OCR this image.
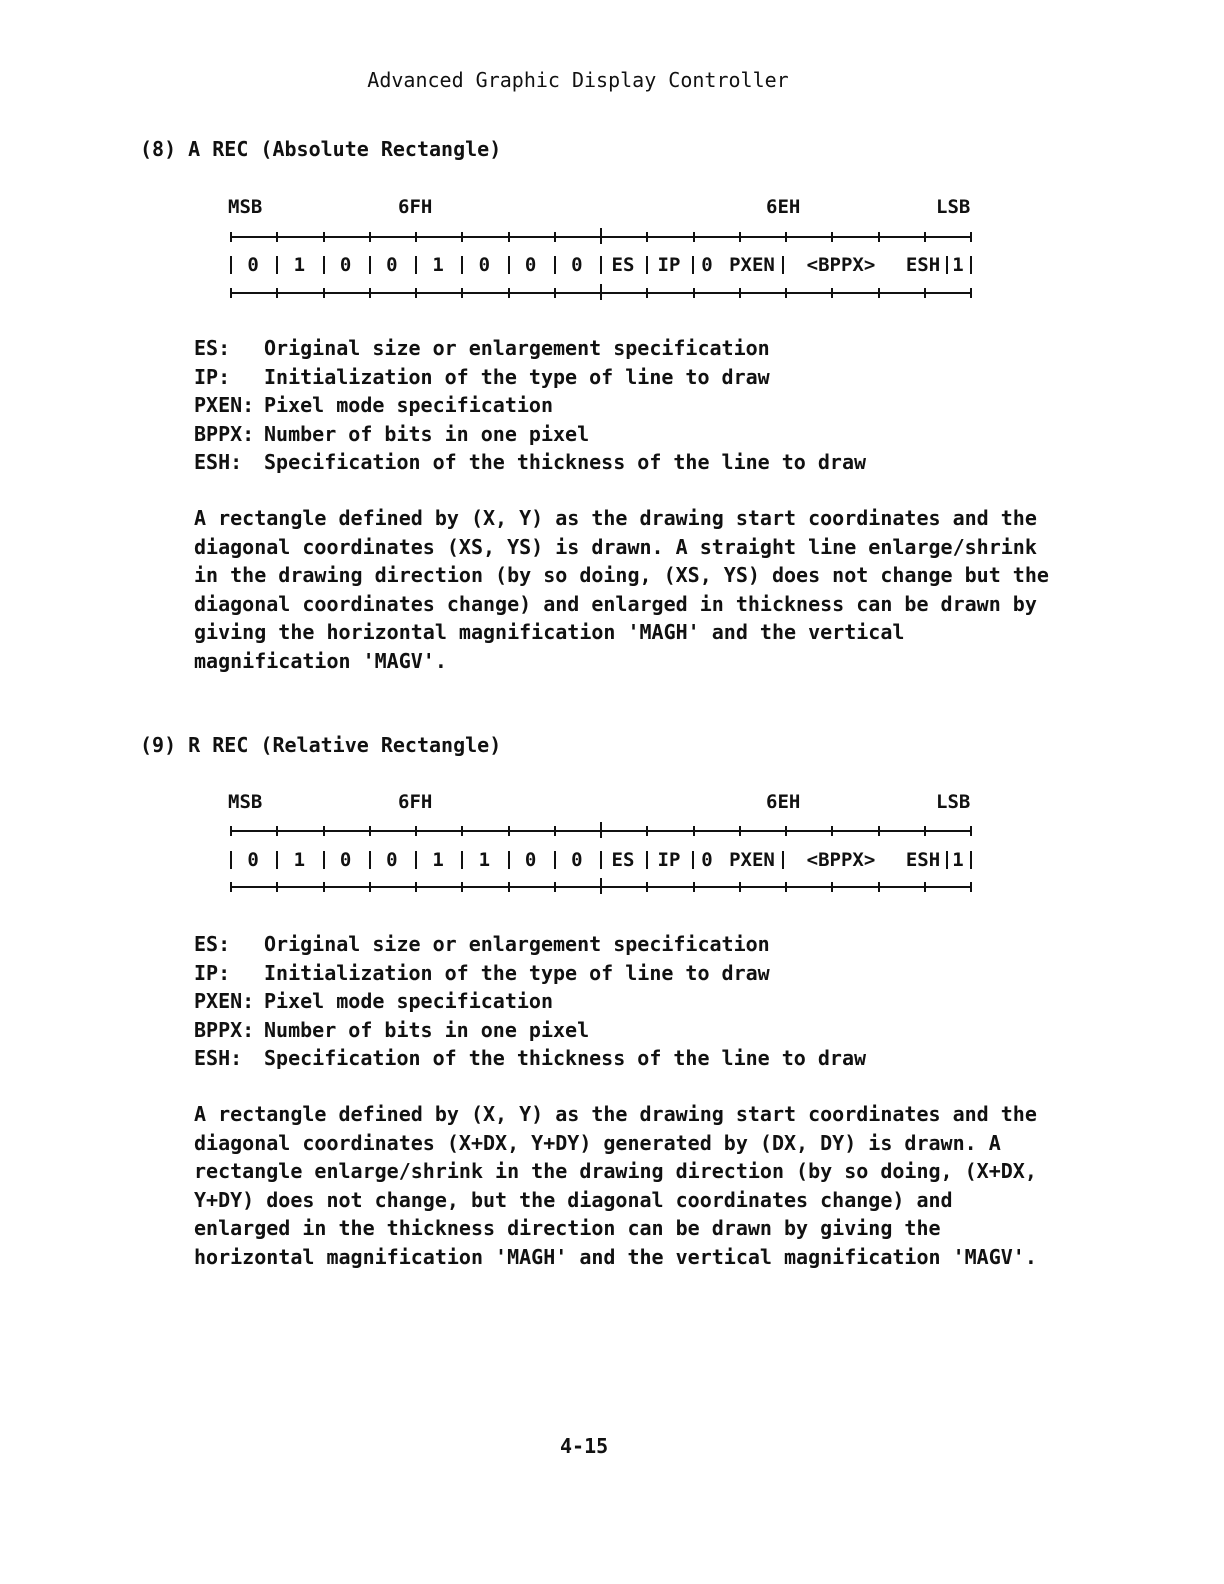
Advanced Graphic Display Controller
(8) A REC (Absolute Rectangle)
MSB	6FH	6EH	LSB
0	1	0	0	1	0	0	0	ES	IP	0 PXEN	<BPPX>	ESH 1
ES:	Original size or enlargement specification
IP:	Initialization of the type of line to draw
PXEN: Pixel mode specification
BPPX: Number of bits in one pixel
ESH:	Specification of the thickness of the line to draw

A rectangle defined by (X, Y) as the drawing start coordinates and the diagonal coordinates (XS, YS) is drawn. A straight line enlarge/shrink in the drawing direction (by so doing, (XS, YS) does not change but the diagonal coordinates change) and enlarged in thickness can be drawn by giving the horizontal magnification 'MAGH' and the vertical magnification 'MAGV'.

(9) R REC (Relative Rectangle)
MSB	6FH	6EH	LSB
0	1	0	0	1	1	0	0	ES	IP	0 PXEN	<BPPX>	ESH 1
ES:	Original size or enlargement specification
IP:	Initialization of the type of line to draw
PXEN: Pixel mode specification
BPPX: Number of bits in one pixel
ESH:	Specification of the thickness of the line to draw

A rectangle defined by (X, Y) as the drawing start coordinates and the diagonal coordinates (X+DX, Y+DY) generated by (DX, DY) is drawn. A rectangle enlarge/shrink in the drawing direction (by so doing, (X+DX, Y+DY) does not change, but the diagonal coordinates change) and enlarged in the thickness direction can be drawn by giving the horizontal magnification 'MAGH' and the vertical magnification 'MAGV'.

4-15
